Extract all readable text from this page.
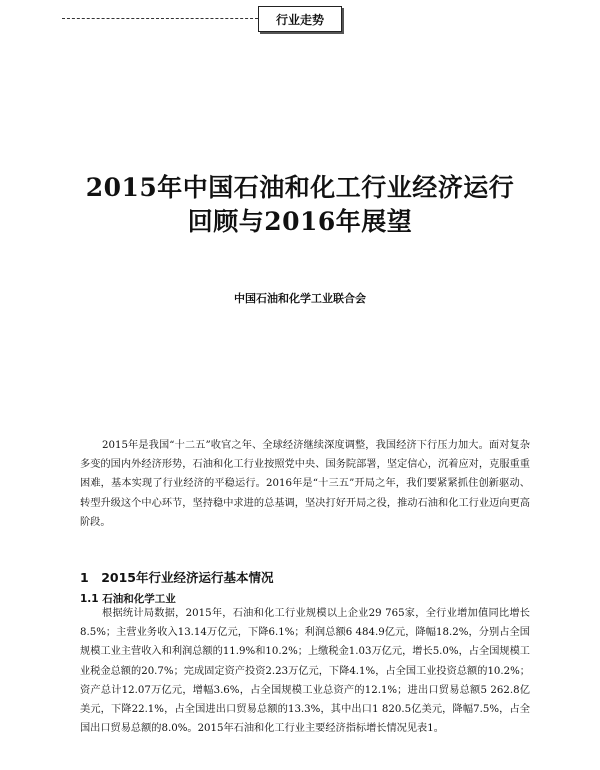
行业走势
2015年中国石油和化工行业经济运行
回顾与2016年展望
中国石油和化学工业联合会

2015年是我国“十二五”收官之年、全球经济继续深度调整，我国经济下行压力加大。面对复杂多变的国内外经济形势，石油和化工行业按照党中央、国务院部署，坚定信心，沉着应对，克服重重困难，基本实现了行业经济的平稳运行。2016年是“十三五”开局之年，我们要紧紧抓住创新驱动、转型升级这个中心环节，坚持稳中求进的总基调，坚决打好开局之役，推动石油和化工行业迈向更高阶段。

1　2015年行业经济运行基本情况
1.1 石油和化学工业

根据统计局数据，2015年，石油和化工行业规模以上企业29 765家，全行业增加值同比增长8.5%；主营业务收入13.14万亿元，下降6.1%；利润总额6 484.9亿元，降幅18.2%，分别占全国规模工业主营收入和利润总额的11.9%和10.2%；上缴税金1.03万亿元，增长5.0%，占全国规模工业税金总额的20.7%；完成固定资产投资2.23万亿元，下降4.1%，占全国工业投资总额的10.2%；资产总计12.07万亿元，增幅3.6%，占全国规模工业总资产的12.1%；进出口贸易总额5 262.8亿美元，下降22.1%，占全国进出口贸易总额的13.3%，其中出口1 820.5亿美元，降幅7.5%，占全国出口贸易总额的8.0%。2015年石油和化工行业主要经济指标增长情况见表1。
